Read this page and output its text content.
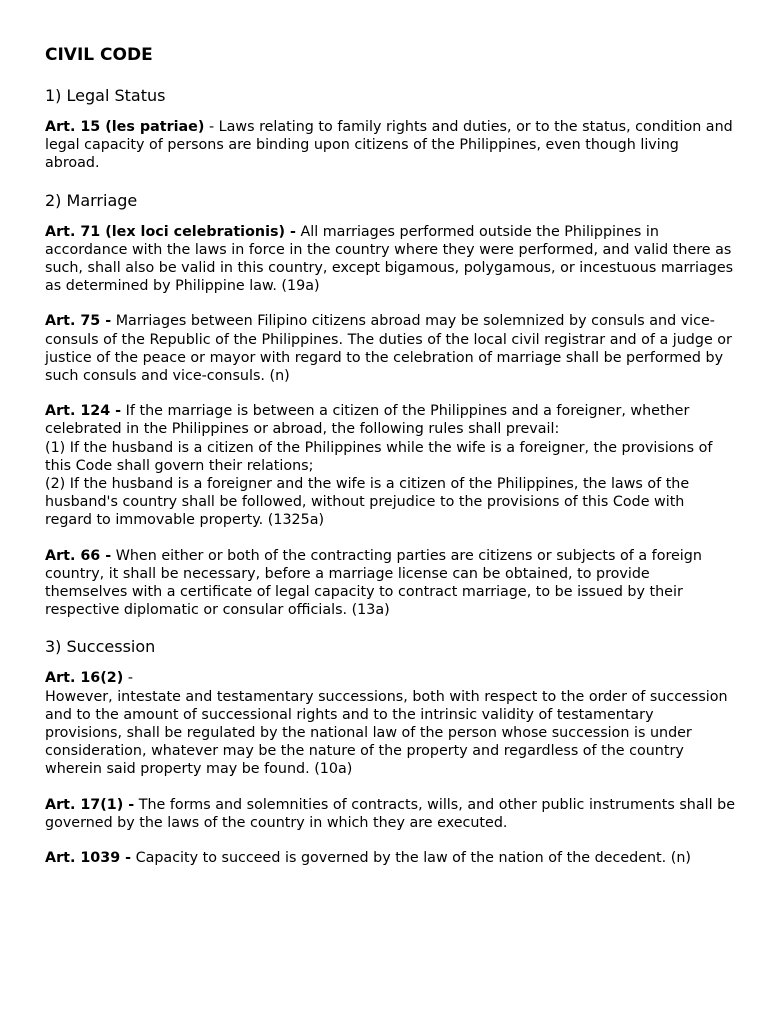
CIVIL CODE
1) Legal Status

Art. 15 (les patriae) - Laws relating to family rights and duties, or to the status, condition and legal capacity of persons are binding upon citizens of the Philippines, even though living abroad.

2) Marriage

Art. 71 (lex loci celebrationis) - All marriages performed outside the Philippines in accordance with the laws in force in the country where they were performed, and valid there as such, shall also be valid in this country, except bigamous, polygamous, or incestuous marriages as determined by Philippine law. (19a)

Art. 75 - Marriages between Filipino citizens abroad may be solemnized by consuls and vice-consuls of the Republic of the Philippines. The duties of the local civil registrar and of a judge or justice of the peace or mayor with regard to the celebration of marriage shall be performed by such consuls and vice-consuls. (n)

Art. 124 - If the marriage is between a citizen of the Philippines and a foreigner, whether celebrated in the Philippines or abroad, the following rules shall prevail:
(1) If the husband is a citizen of the Philippines while the wife is a foreigner, the provisions of this Code shall govern their relations;
(2) If the husband is a foreigner and the wife is a citizen of the Philippines, the laws of the husband's country shall be followed, without prejudice to the provisions of this Code with regard to immovable property. (1325a)

Art. 66 - When either or both of the contracting parties are citizens or subjects of a foreign country, it shall be necessary, before a marriage license can be obtained, to provide themselves with a certificate of legal capacity to contract marriage, to be issued by their respective diplomatic or consular officials. (13a)

3) Succession

Art. 16(2) -
However, intestate and testamentary successions, both with respect to the order of succession and to the amount of successional rights and to the intrinsic validity of testamentary provisions, shall be regulated by the national law of the person whose succession is under consideration, whatever may be the nature of the property and regardless of the country wherein said property may be found. (10a)

Art. 17(1) - The forms and solemnities of contracts, wills, and other public instruments shall be governed by the laws of the country in which they are executed.

Art. 1039 - Capacity to succeed is governed by the law of the nation of the decedent. (n)
